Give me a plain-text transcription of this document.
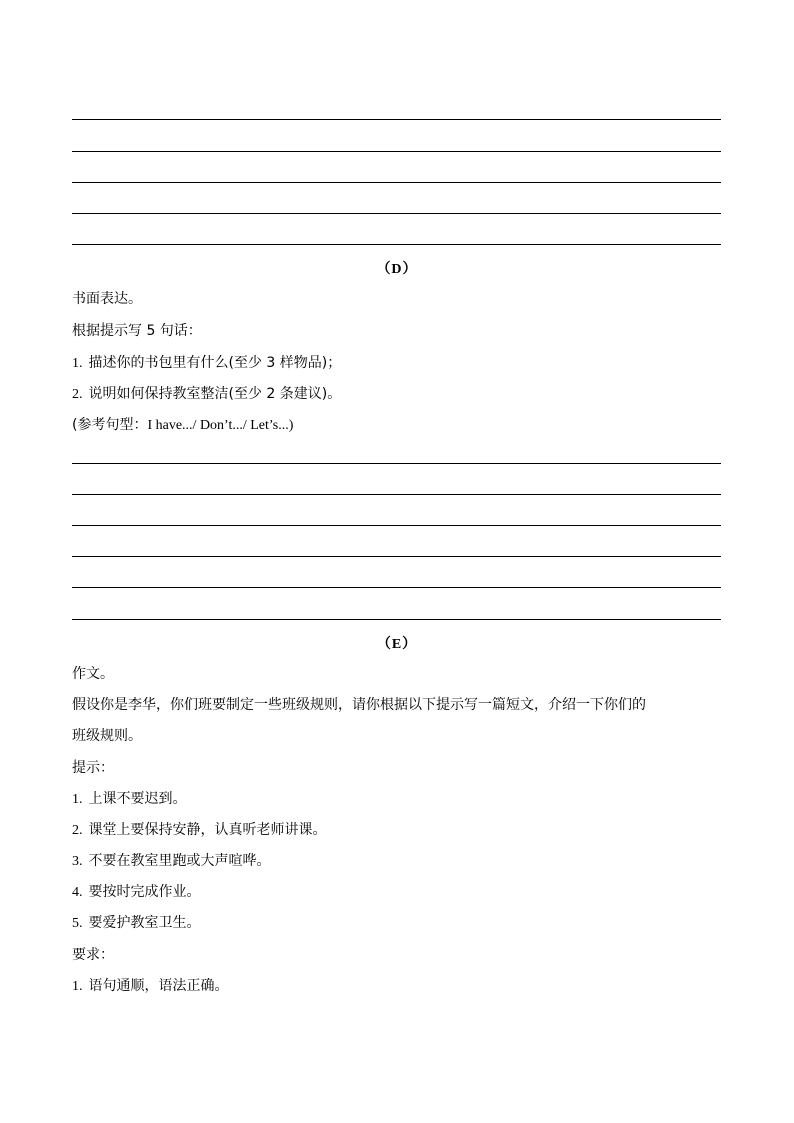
（D）
书面表达。
根据提示写 5 句话：
1. 描述你的书包里有什么(至少 3 样物品)；
2. 说明如何保持教室整洁(至少 2 条建议)。
(参考句型：I have.../ Don’t.../ Let’s...)
（E）
作文。
假设你是李华，你们班要制定一些班级规则，请你根据以下提示写一篇短文，介绍一下你们的
班级规则。
提示：
1. 上课不要迟到。
2. 课堂上要保持安静，认真听老师讲课。
3. 不要在教室里跑或大声喧哗。
4. 要按时完成作业。
5. 要爱护教室卫生。
要求：
1. 语句通顺，语法正确。
